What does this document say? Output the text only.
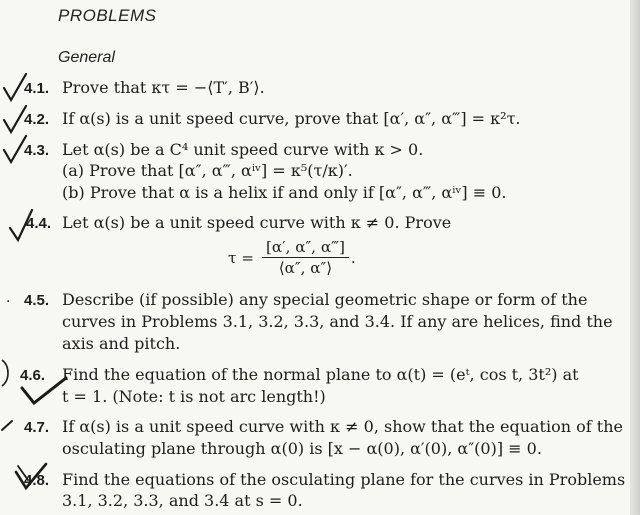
PROBLEMS
General
4.1. Prove that κτ = −⟨T′, B′⟩.
4.2. If α(s) is a unit speed curve, prove that [α′, α″, α‴] = κ²τ.
4.3. Let α(s) be a C⁴ unit speed curve with κ > 0.
(a) Prove that [α″, α‴, αⁱᵛ] = κ⁵(τ/κ)′.
(b) Prove that α is a helix if and only if [α″, α‴, αⁱᵛ] ≡ 0.
4.4. Let α(s) be a unit speed curve with κ ≠ 0. Prove
$\tau = \frac{[\alpha', \alpha'', \alpha‴]}{⟨\alpha'', \alpha''⟩}$ .
. 4.5. Describe (if possible) any special geometric shape or form of the
curves in Problems 3.1, 3.2, 3.3, and 3.4. If any are helices, find the
axis and pitch.
4.6. Find the equation of the normal plane to α(t) = (eᵗ, cos t, 3t²) at
t = 1. (Note: t is not arc length!)
4.7. If α(s) is a unit speed curve with κ ≠ 0, show that the equation of the
osculating plane through α(0) is [x − α(0), α′(0), α″(0)] ≡ 0.
4.8. Find the equations of the osculating plane for the curves in Problems
3.1, 3.2, 3.3, and 3.4 at s = 0.
